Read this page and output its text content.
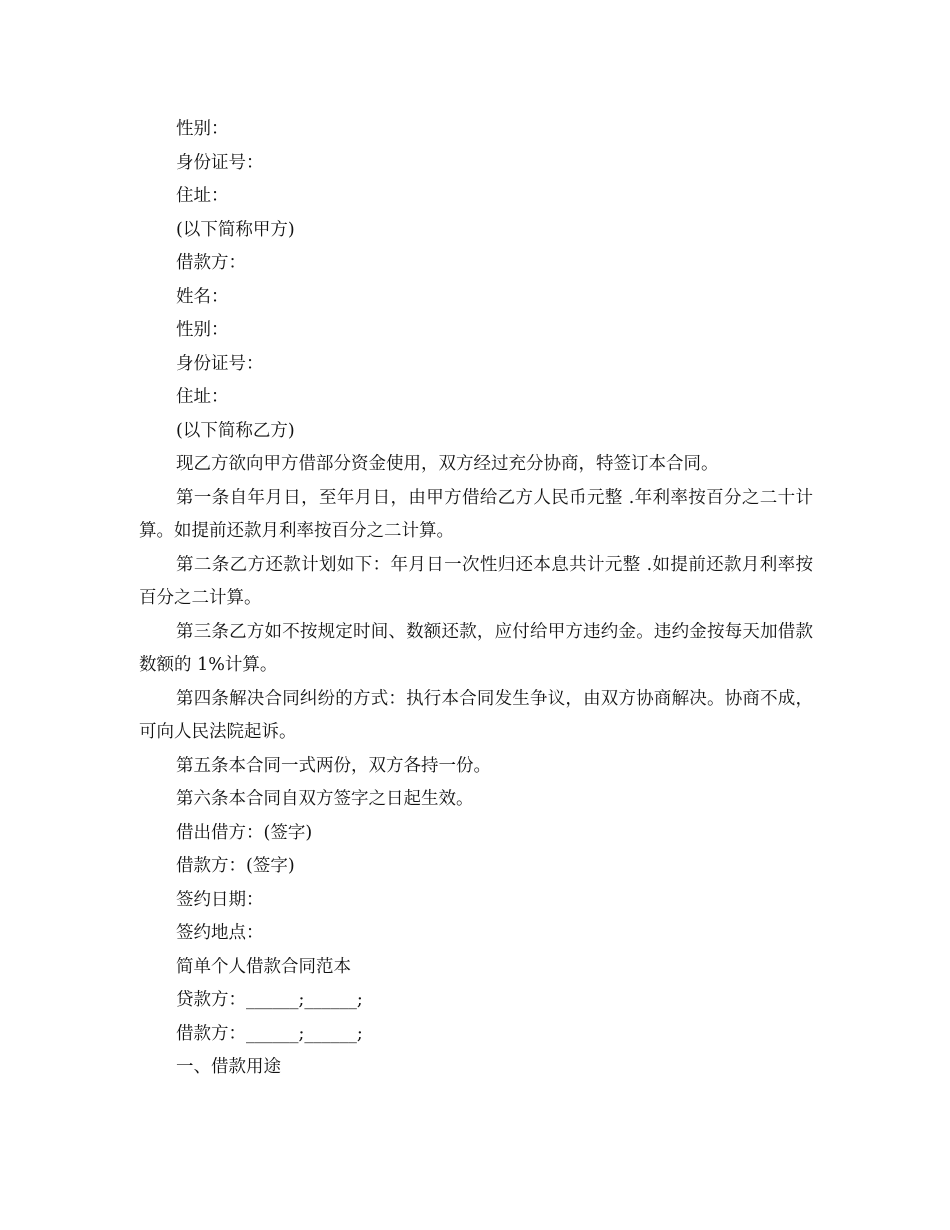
性别：
身份证号：
住址：
(以下简称甲方)
借款方：
姓名：
性别：
身份证号：
住址：
(以下简称乙方)
现乙方欲向甲方借部分资金使用，双方经过充分协商，特签订本合同。

第一条自年月日，至年月日，由甲方借给乙方人民币元整 .年利率按百分之二十计算。如提前还款月利率按百分之二计算。

第二条乙方还款计划如下：年月日一次性归还本息共计元整 .如提前还款月利率按百分之二计算。

第三条乙方如不按规定时间、数额还款，应付给甲方违约金。违约金按每天加借款数额的 1%计算。

第四条解决合同纠纷的方式：执行本合同发生争议，由双方协商解决。协商不成，可向人民法院起诉。

第五条本合同一式两份，双方各持一份。
第六条本合同自双方签字之日起生效。
借出借方：(签字)
借款方：(签字)
签约日期：
签约地点：
简单个人借款合同范本
贷款方：______;______;
借款方：______;______;
一、借款用途
